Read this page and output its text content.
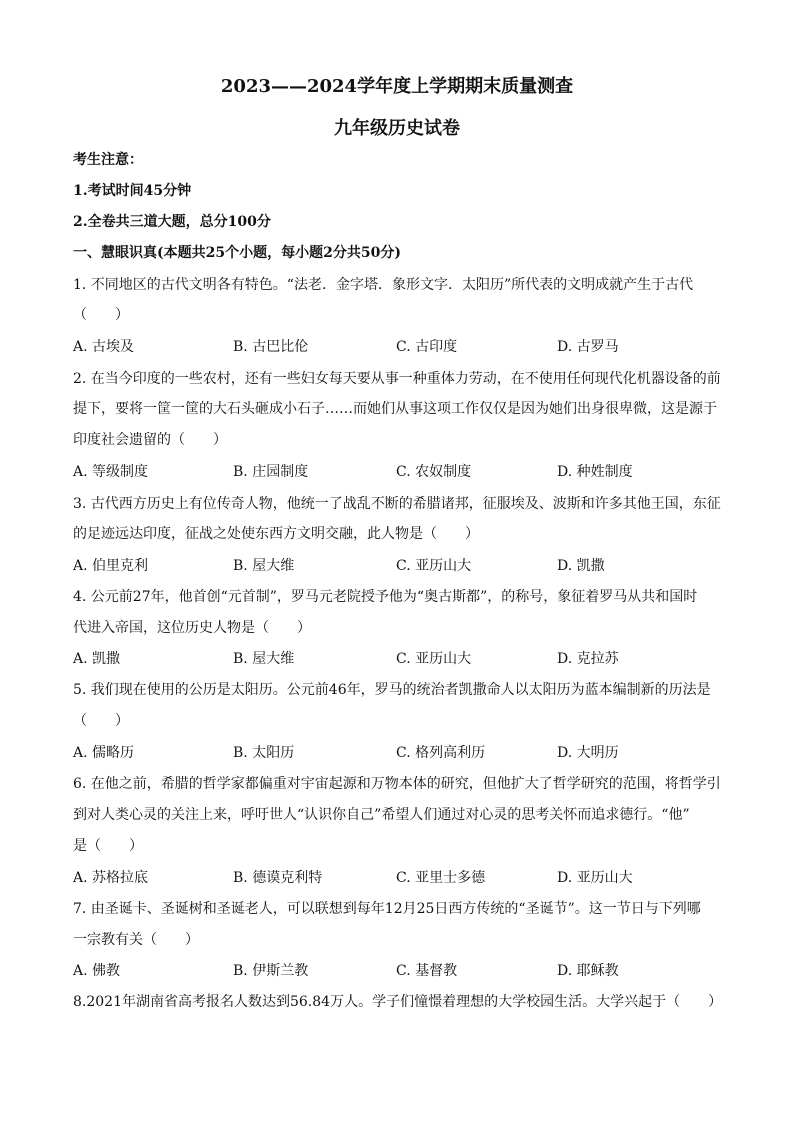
2023——2024学年度上学期期末质量测查
九年级历史试卷
考生注意：
1.考试时间45分钟
2.全卷共三道大题，总分100分
一、慧眼识真(本题共25个小题，每小题2分共50分)
1. 不同地区的古代文明各有特色。“法老．金字塔．象形文字．太阳历”所代表的文明成就产生于古代
（　　）
A. 古埃及	B. 古巴比伦	C. 古印度	D. 古罗马
2. 在当今印度的一些农村，还有一些妇女每天要从事一种重体力劳动，在不使用任何现代化机器设备的前
提下，要将一筐一筐的大石头砸成小石子……而她们从事这项工作仅仅是因为她们出身很卑微，这是源于
印度社会遗留的（　　）
A. 等级制度	B. 庄园制度	C. 农奴制度	D. 种姓制度
3. 古代西方历史上有位传奇人物，他统一了战乱不断的希腊诸邦，征服埃及、波斯和许多其他王国，东征
的足迹远达印度，征战之处使东西方文明交融，此人物是（　　）
A. 伯里克利	B. 屋大维	C. 亚历山大	D. 凯撒
4. 公元前27年，他首创“元首制”，罗马元老院授予他为“奥古斯都”，的称号，象征着罗马从共和国时
代进入帝国，这位历史人物是（　　）
A. 凯撒	B. 屋大维	C. 亚历山大	D. 克拉苏
5. 我们现在使用的公历是太阳历。公元前46年，罗马的统治者凯撒命人以太阳历为蓝本编制新的历法是
（　　）
A. 儒略历	B. 太阳历	C. 格列高利历	D. 大明历
6. 在他之前，希腊的哲学家都偏重对宇宙起源和万物本体的研究，但他扩大了哲学研究的范围，将哲学引
到对人类心灵的关注上来，呼吁世人“认识你自己”希望人们通过对心灵的思考关怀而追求德行。“他”
是（　　）
A. 苏格拉底	B. 德谟克利特	C. 亚里士多德	D. 亚历山大
7. 由圣诞卡、圣诞树和圣诞老人，可以联想到每年12月25日西方传统的“圣诞节”。这一节日与下列哪
一宗教有关（　　）
A. 佛教	B. 伊斯兰教	C. 基督教	D. 耶稣教
8.2021年湖南省高考报名人数达到56.84万人。学子们憧憬着理想的大学校园生活。大学兴起于（　　）
